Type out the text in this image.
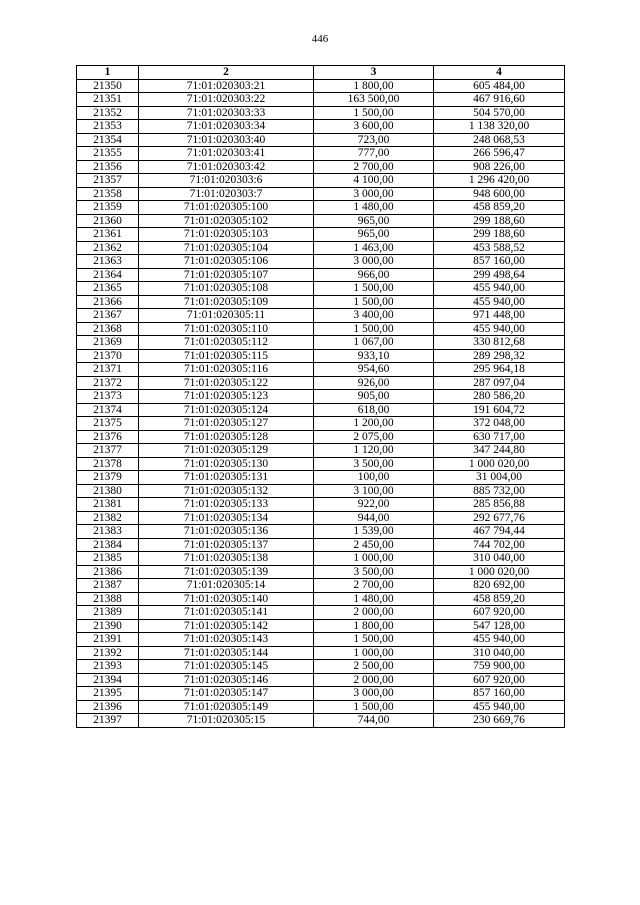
446
1	2	3	4
21350	71:01:020303:21	1 800,00	605 484,00
21351	71:01:020303:22	163 500,00	467 916,60
21352	71:01:020303:33	1 500,00	504 570,00
21353	71:01:020303:34	3 600,00	1 138 320,00
21354	71:01:020303:40	723,00	248 068,53
21355	71:01:020303:41	777,00	266 596,47
21356	71:01:020303:42	2 700,00	908 226,00
21357	71:01:020303:6	4 100,00	1 296 420,00
21358	71:01:020303:7	3 000,00	948 600,00
21359	71:01:020305:100	1 480,00	458 859,20
21360	71:01:020305:102	965,00	299 188,60
21361	71:01:020305:103	965,00	299 188,60
21362	71:01:020305:104	1 463,00	453 588,52
21363	71:01:020305:106	3 000,00	857 160,00
21364	71:01:020305:107	966,00	299 498,64
21365	71:01:020305:108	1 500,00	455 940,00
21366	71:01:020305:109	1 500,00	455 940,00
21367	71:01:020305:11	3 400,00	971 448,00
21368	71:01:020305:110	1 500,00	455 940,00
21369	71:01:020305:112	1 067,00	330 812,68
21370	71:01:020305:115	933,10	289 298,32
21371	71:01:020305:116	954,60	295 964,18
21372	71:01:020305:122	926,00	287 097,04
21373	71:01:020305:123	905,00	280 586,20
21374	71:01:020305:124	618,00	191 604,72
21375	71:01:020305:127	1 200,00	372 048,00
21376	71:01:020305:128	2 075,00	630 717,00
21377	71:01:020305:129	1 120,00	347 244,80
21378	71:01:020305:130	3 500,00	1 000 020,00
21379	71:01:020305:131	100,00	31 004,00
21380	71:01:020305:132	3 100,00	885 732,00
21381	71:01:020305:133	922,00	285 856,88
21382	71:01:020305:134	944,00	292 677,76
21383	71:01:020305:136	1 539,00	467 794,44
21384	71:01:020305:137	2 450,00	744 702,00
21385	71:01:020305:138	1 000,00	310 040,00
21386	71:01:020305:139	3 500,00	1 000 020,00
21387	71:01:020305:14	2 700,00	820 692,00
21388	71:01:020305:140	1 480,00	458 859,20
21389	71:01:020305:141	2 000,00	607 920,00
21390	71:01:020305:142	1 800,00	547 128,00
21391	71:01:020305:143	1 500,00	455 940,00
21392	71:01:020305:144	1 000,00	310 040,00
21393	71:01:020305:145	2 500,00	759 900,00
21394	71:01:020305:146	2 000,00	607 920,00
21395	71:01:020305:147	3 000,00	857 160,00
21396	71:01:020305:149	1 500,00	455 940,00
21397	71:01:020305:15	744,00	230 669,76
